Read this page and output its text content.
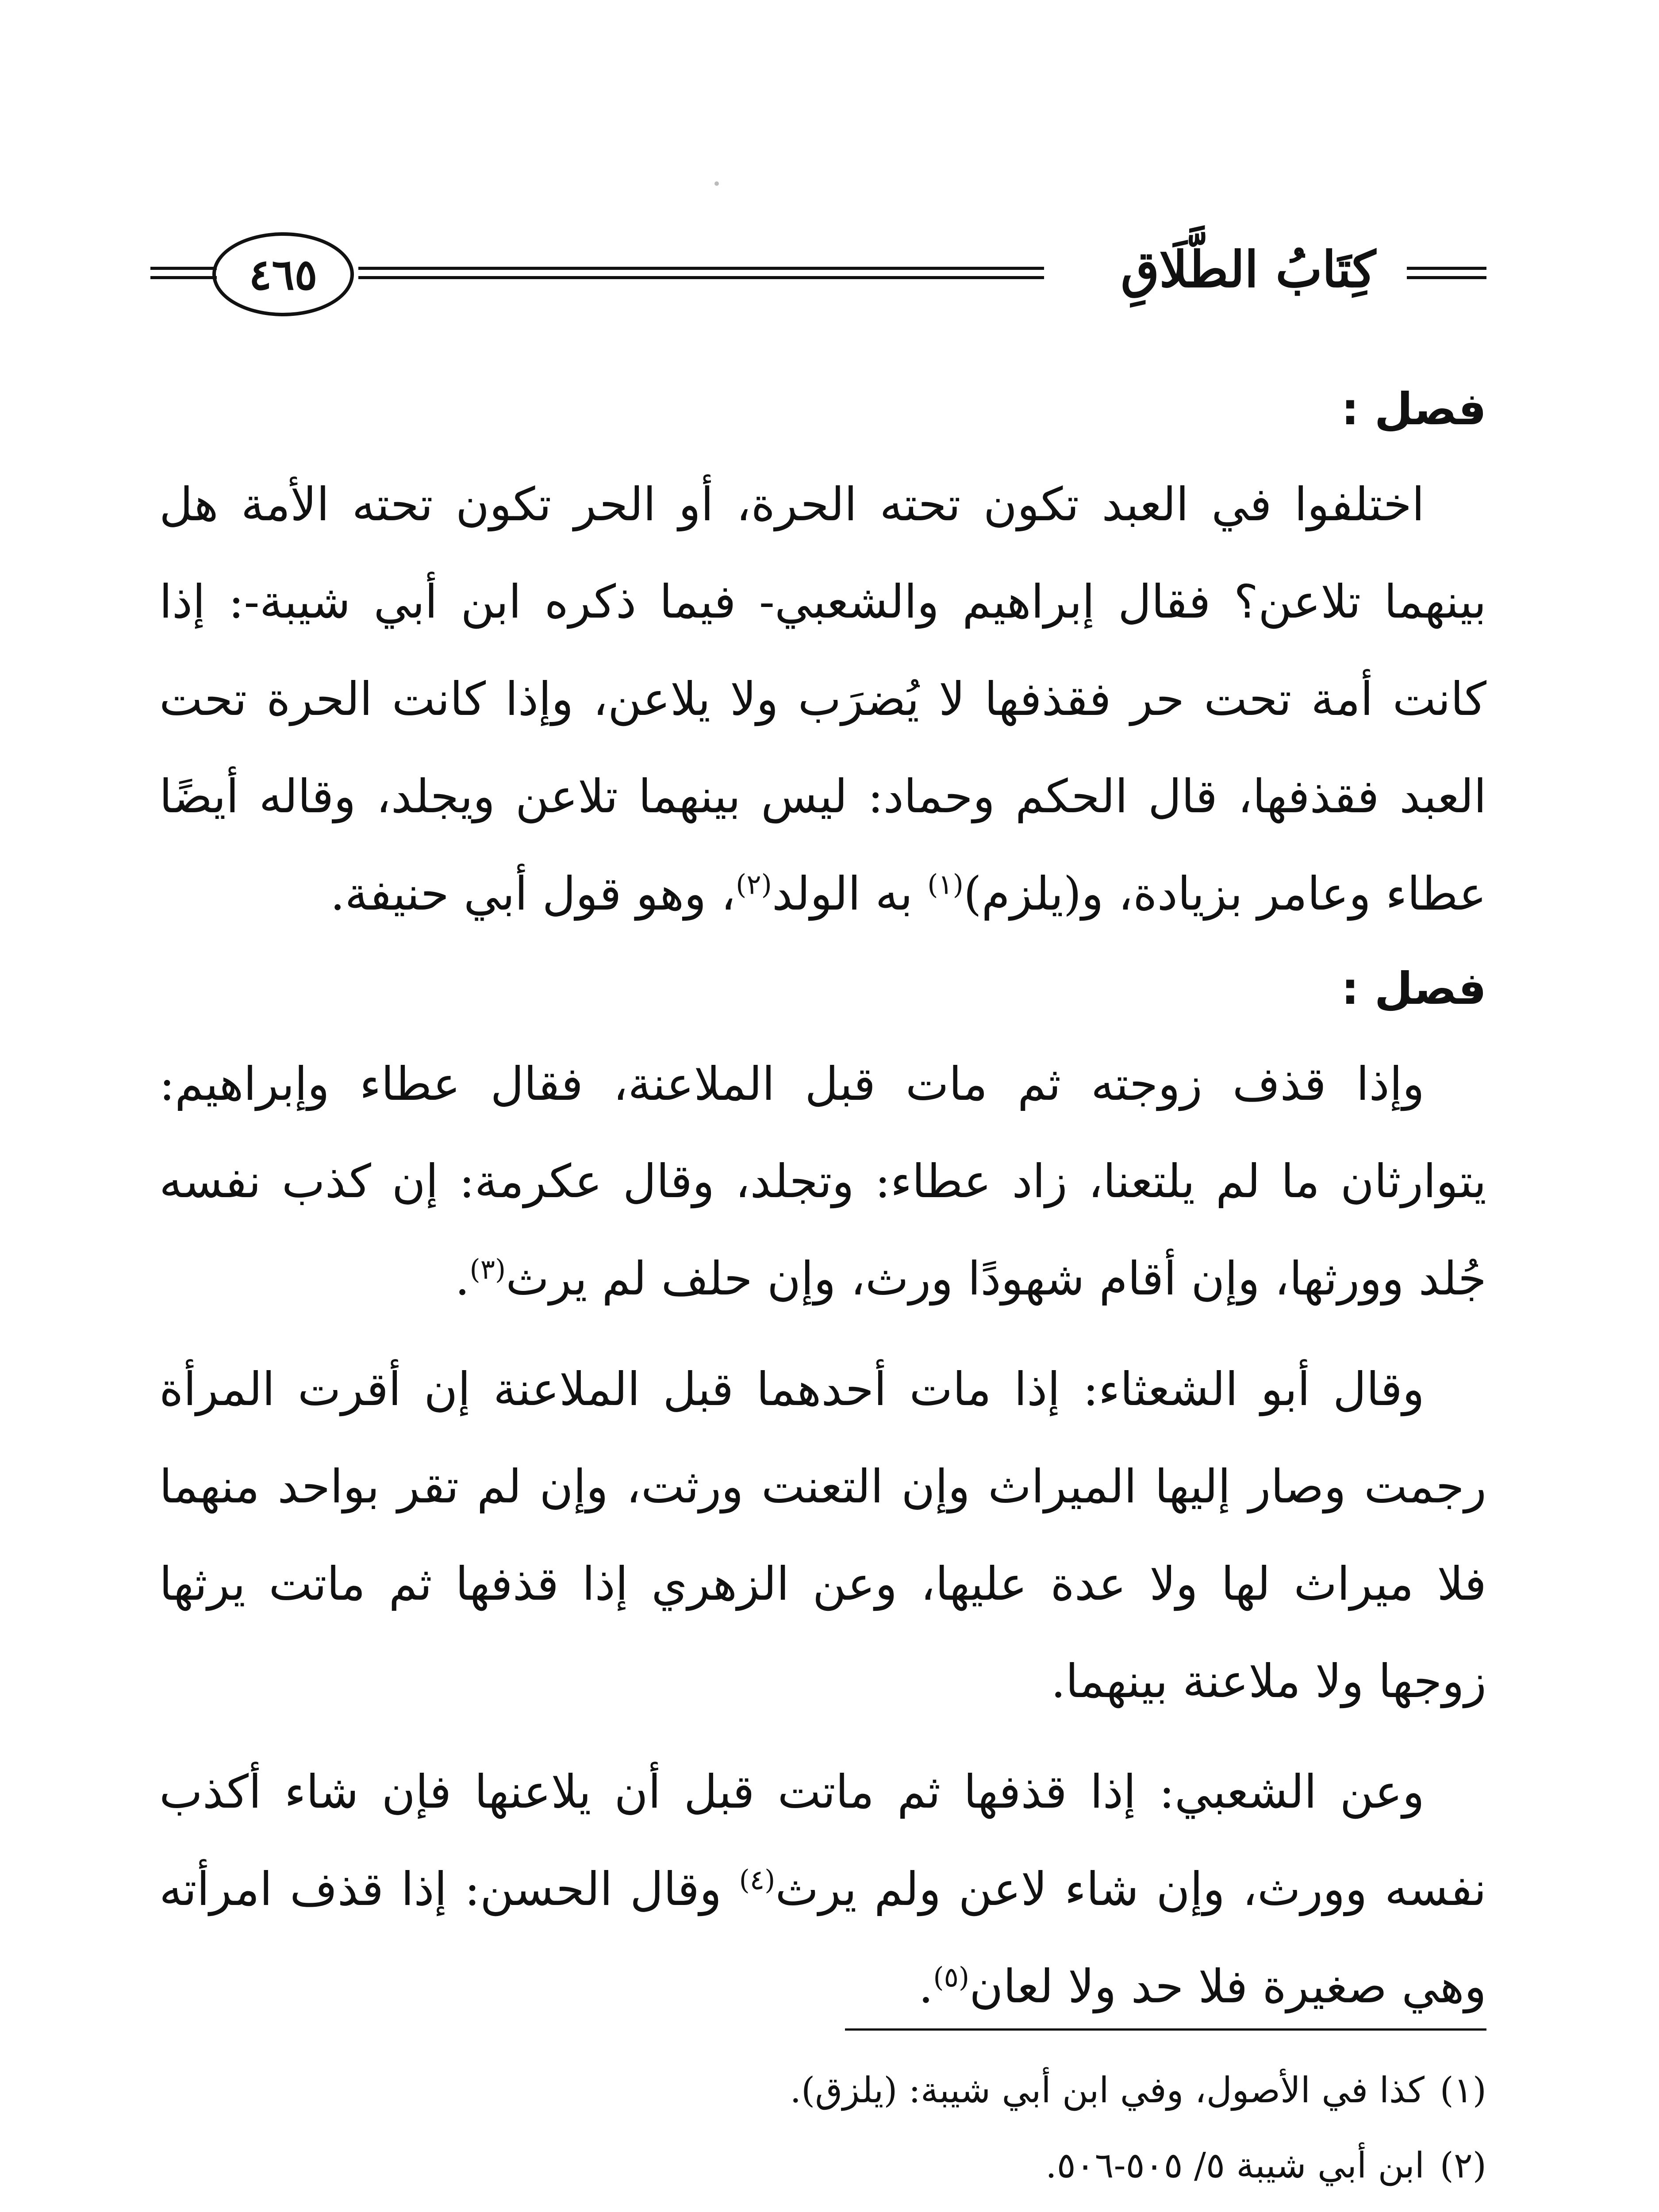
كِتَابُ الطَّلَاقِ
٤٦٥

فصل :

اختلفوا في العبد تكون تحته الحرة، أو الحر تكون تحته الأمة هل بينهما تلاعن؟ فقال إبراهيم والشعبي- فيما ذكره ابن أبي شيبة-: إذا كانت أمة تحت حر فقذفها لا يُضرَب ولا يلاعن، وإذا كانت الحرة تحت العبد فقذفها، قال الحكم وحماد: ليس بينهما تلاعن ويجلد، وقاله أيضًا عطاء وعامر بزيادة، و(يلزم)$^{(١)}$ به الولد$^{(٢)}$، وهو قول أبي حنيفة.

فصل :

وإذا قذف زوجته ثم مات قبل الملاعنة، فقال عطاء وإبراهيم: يتوارثان ما لم يلتعنا، زاد عطاء: وتجلد، وقال عكرمة: إن كذب نفسه جُلد وورثها، وإن أقام شهودًا ورث، وإن حلف لم يرث$^{(٣)}$.

وقال أبو الشعثاء: إذا مات أحدهما قبل الملاعنة إن أقرت المرأة رجمت وصار إليها الميراث وإن التعنت ورثت، وإن لم تقر بواحد منهما فلا ميراث لها ولا عدة عليها، وعن الزهري إذا قذفها ثم ماتت يرثها زوجها ولا ملاعنة بينهما.

وعن الشعبي: إذا قذفها ثم ماتت قبل أن يلاعنها فإن شاء أكذب نفسه وورث، وإن شاء لاعن ولم يرث$^{(٤)}$ وقال الحسن: إذا قذف امرأته وهي صغيرة فلا حد ولا لعان$^{(٥)}$.

(١)كذا في الأصول، وفي ابن أبي شيبة: (يلزق).

(٢)ابن أبي شيبة ٥/ ٥٠٥-٥٠٦.
